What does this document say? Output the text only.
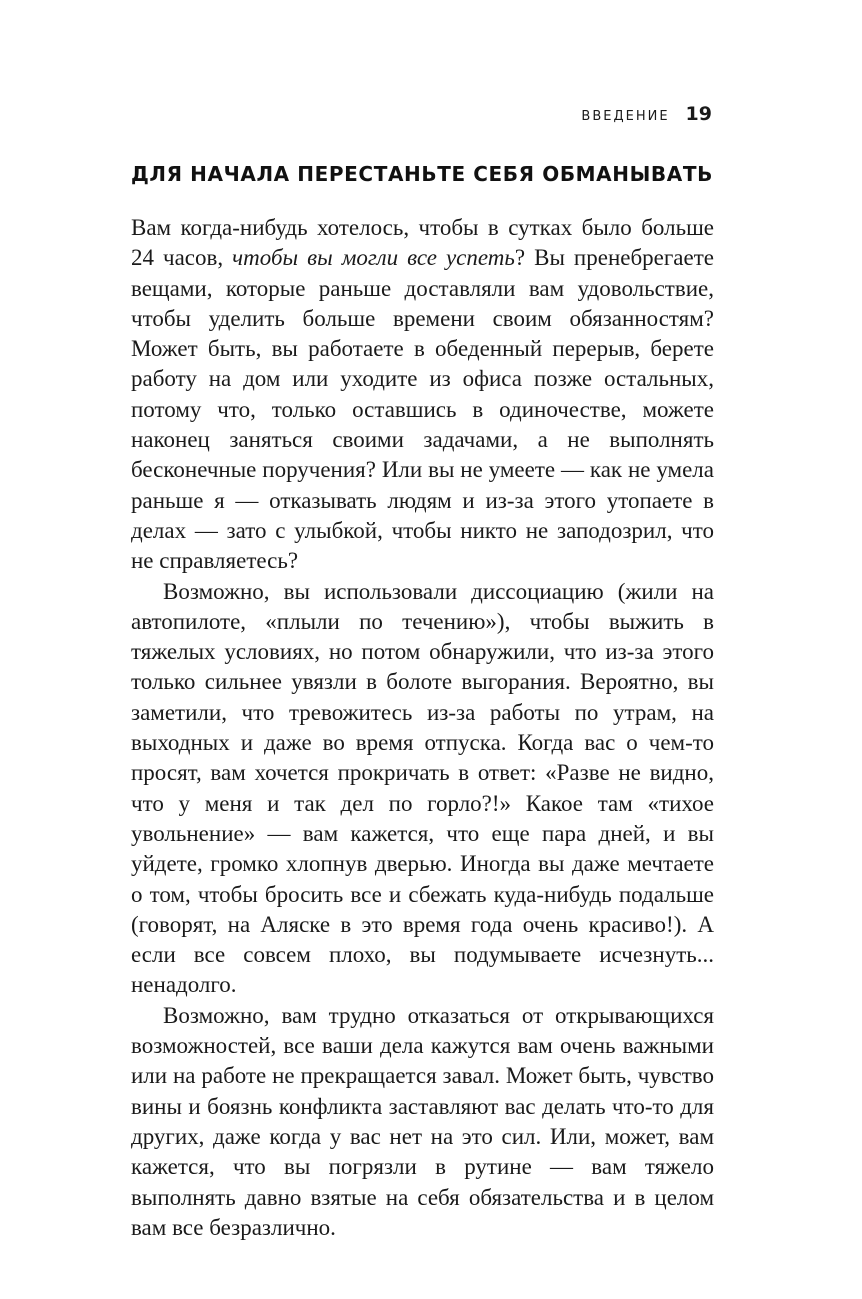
ВВЕДЕНИЕ 19
ДЛЯ НАЧАЛА ПЕРЕСТАНЬТЕ СЕБЯ ОБМАНЫВАТЬ

Вам когда-нибудь хотелось, чтобы в сутках было больше 24 часов, чтобы вы могли все успеть? Вы пренебрегаете вещами, которые раньше доставляли вам удовольствие, чтобы уделить больше времени своим обязанностям? Может быть, вы работаете в обеденный перерыв, берете работу на дом или уходите из офиса позже остальных, потому что, только оставшись в одиночестве, можете наконец заняться своими задачами, а не выполнять бесконечные поручения? Или вы не умеете — как не умела раньше я — отказывать людям и из-за этого утопаете в делах — зато с улыбкой, чтобы никто не заподозрил, что не справляетесь?

Возможно, вы использовали диссоциацию (жили на автопилоте, «плыли по течению»), чтобы выжить в тяжелых условиях, но потом обнаружили, что из-за этого только сильнее увязли в болоте выгорания. Вероятно, вы заметили, что тревожитесь из-за работы по утрам, на выходных и даже во время отпуска. Когда вас о чем-то просят, вам хочется прокричать в ответ: «Разве не видно, что у меня и так дел по горло?!» Какое там «тихое увольнение» — вам кажется, что еще пара дней, и вы уйдете, громко хлопнув дверью. Иногда вы даже мечтаете о том, чтобы бросить все и сбежать куда-нибудь подальше (говорят, на Аляске в это время года очень красиво!). А если все совсем плохо, вы подумываете исчезнуть... ненадолго.

Возможно, вам трудно отказаться от открывающихся возможностей, все ваши дела кажутся вам очень важными или на работе не прекращается завал. Может быть, чувство вины и боязнь конфликта заставляют вас делать что-то для других, даже когда у вас нет на это сил. Или, может, вам кажется, что вы погрязли в рутине — вам тяжело выполнять давно взятые на себя обязательства и в целом вам все безразлично.
